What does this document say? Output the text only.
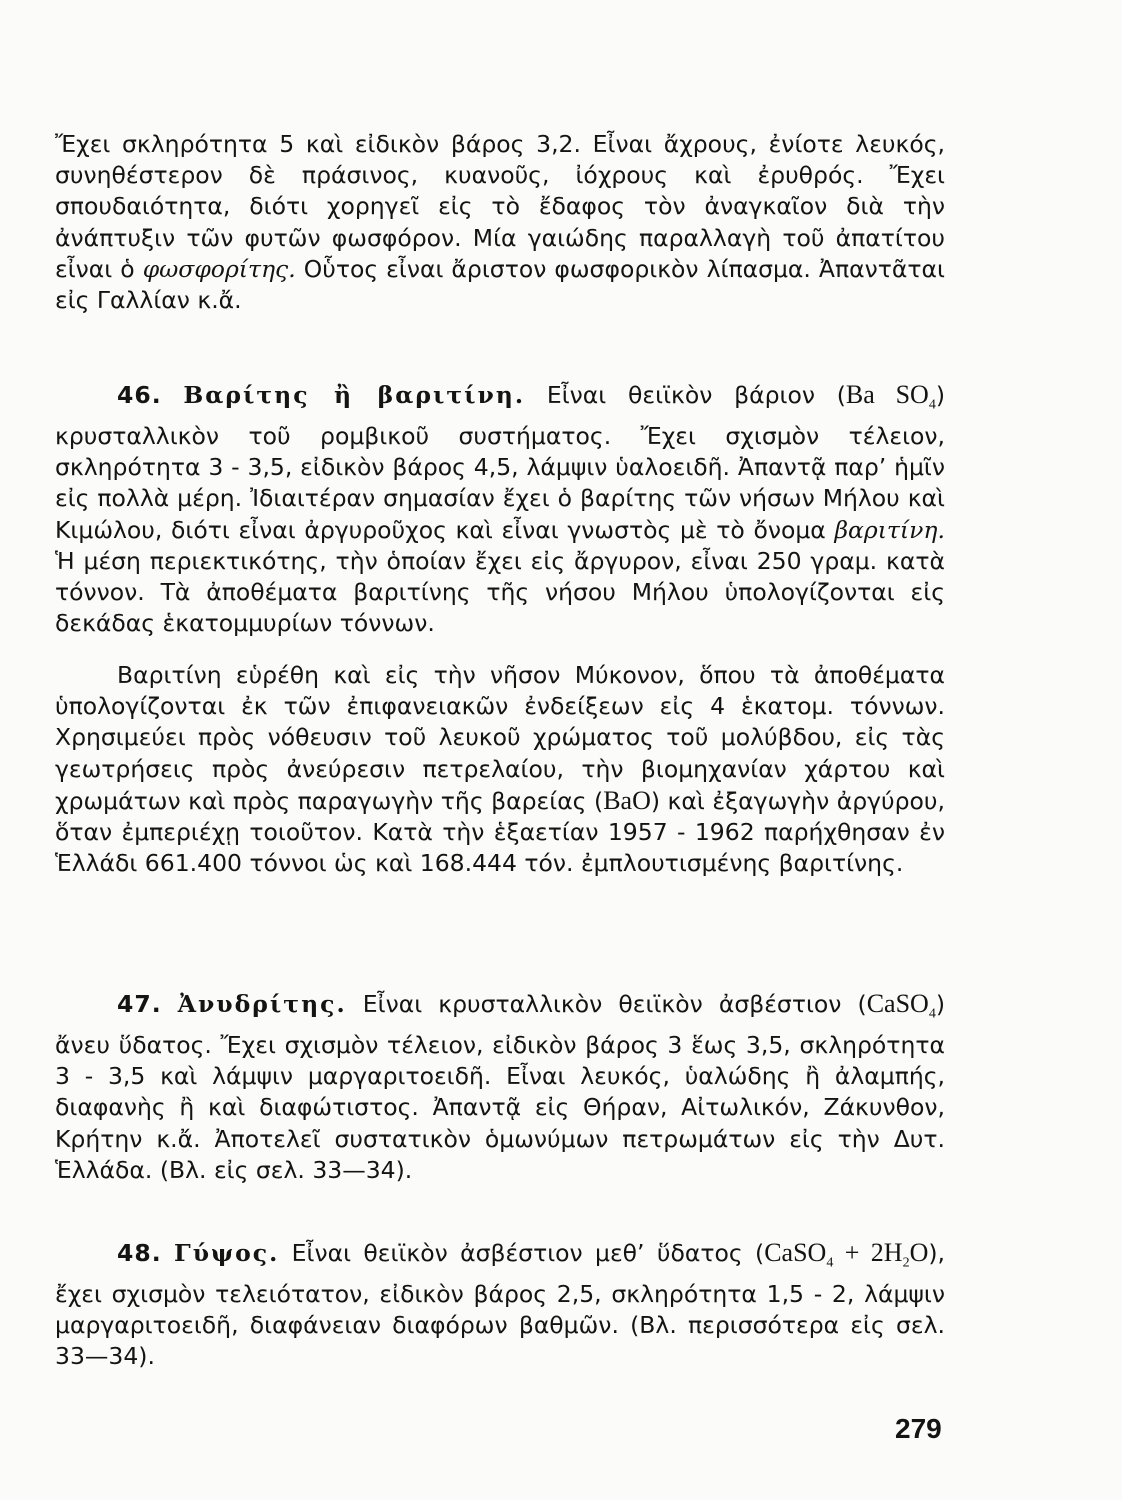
Ἔχει σκληρότητα 5 καὶ εἰδικὸν βάρος 3,2. Εἶναι ἄχρους, ἐνίοτε λευκός, συνηθέστερον δὲ πράσινος, κυανοῦς, ἰόχρους καὶ ἐρυθρός. Ἔχει σπουδαιότητα, διότι χορηγεῖ εἰς τὸ ἔδαφος τὸν ἀναγκαῖον διὰ τὴν ἀνάπτυξιν τῶν φυτῶν φωσφόρον. Μία γαιώδης παραλλαγὴ τοῦ ἀπατίτου εἶναι ὁ φωσφορίτης. Οὗτος εἶναι ἄριστον φωσφορικὸν λίπασμα. Ἀπαντᾶται εἰς Γαλλίαν κ.ἄ.

46. Βαρίτης ἢ βαριτίνη. Εἶναι θειϊκὸν βάριον (Ba $SO_4$) κρυσταλλικὸν τοῦ ρομβικοῦ συστήματος. Ἔχει σχισμὸν τέλειον, σκληρότητα 3 - 3,5, εἰδικὸν βάρος 4,5, λάμψιν ὑαλοειδῆ. Ἀπαντᾷ παρ’ ἡμῖν εἰς πολλὰ μέρη. Ἰδιαιτέραν σημασίαν ἔχει ὁ βαρίτης τῶν νήσων Μήλου καὶ Κιμώλου, διότι εἶναι ἀργυροῦχος καὶ εἶναι γνωστὸς μὲ τὸ ὄνομα βαριτίνη. Ἡ μέση περιεκτικότης, τὴν ὁποίαν ἔχει εἰς ἄργυρον, εἶναι 250 γραμ. κατὰ τόννον. Τὰ ἀποθέματα βαριτίνης τῆς νήσου Μήλου ὑπολογίζονται εἰς δεκάδας ἑκατομμυρίων τόννων.

Βαριτίνη εὑρέθη καὶ εἰς τὴν νῆσον Μύκονον, ὅπου τὰ ἀποθέματα ὑπολογίζονται ἐκ τῶν ἐπιφανειακῶν ἐνδείξεων εἰς 4 ἑκατομ. τόννων. Χρησιμεύει πρὸς νόθευσιν τοῦ λευκοῦ χρώματος τοῦ μολύβδου, εἰς τὰς γεωτρήσεις πρὸς ἀνεύρεσιν πετρελαίου, τὴν βιομηχανίαν χάρτου καὶ χρωμάτων καὶ πρὸς παραγωγὴν τῆς βαρείας (BaO) καὶ ἐξαγωγὴν ἀργύρου, ὅταν ἐμπεριέχῃ τοιοῦτον. Κατὰ τὴν ἑξαετίαν 1957 - 1962 παρήχθησαν ἐν Ἑλλάδι 661.400 τόννοι ὡς καὶ 168.444 τόν. ἐμπλουτισμένης βαριτίνης.

47. Ἀνυδρίτης. Εἶναι κρυσταλλικὸν θειϊκὸν ἀσβέστιον (CaSO$_4$) ἄνευ ὕδατος. Ἔχει σχισμὸν τέλειον, εἰδικὸν βάρος 3 ἕως 3,5, σκληρότητα 3 - 3,5 καὶ λάμψιν μαργαριτοειδῆ. Εἶναι λευκός, ὑαλώδης ἢ ἀλαμπής, διαφανὴς ἢ καὶ διαφώτιστος. Ἀπαντᾷ εἰς Θήραν, Αἰτωλικόν, Ζάκυνθον, Κρήτην κ.ἄ. Ἀποτελεῖ συστατικὸν ὁμωνύμων πετρωμάτων εἰς τὴν Δυτ. Ἑλλάδα. (Βλ. εἰς σελ. 33—34).

48. Γύψος. Εἶναι θειϊκὸν ἀσβέστιον μεθ’ ὕδατος (CaSO$_4$ + $2H_2O$), ἔχει σχισμὸν τελειότατον, εἰδικὸν βάρος 2,5, σκληρότητα 1,5 - 2, λάμψιν μαργαριτοειδῆ, διαφάνειαν διαφόρων βαθμῶν. (Βλ. περισσότερα εἰς σελ. 33—34).

279
